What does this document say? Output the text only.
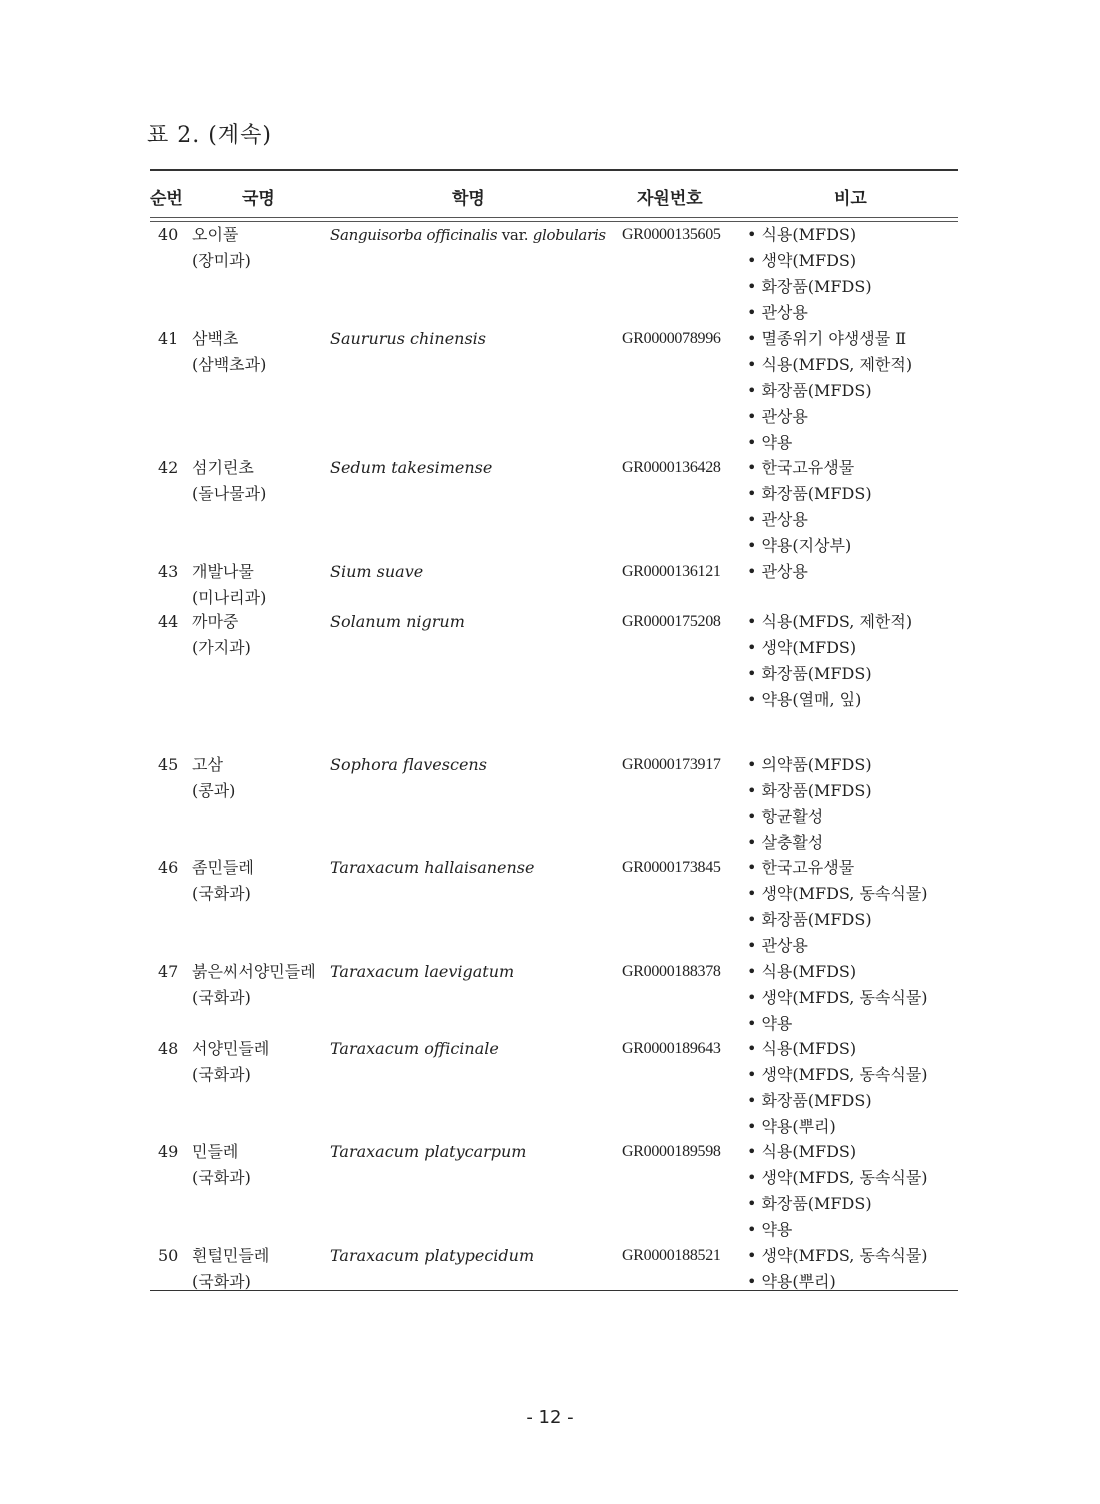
표 2. (계속)
순번	국명	학명	자원번호	비고
40 오이풀
(장미과)
Sanguisorba officinalis var. globularis	GR0000135605	• 식용(MFDS)
• 생약(MFDS)
• 화장품(MFDS)
• 관상용
41 삼백초
(삼백초과)
Saururus chinensis	GR0000078996	• 멸종위기 야생생물 Ⅱ
• 식용(MFDS, 제한적)
• 화장품(MFDS)
• 관상용
• 약용
42 섬기린초
(돌나물과)
Sedum takesimense	GR0000136428	• 한국고유생물
• 화장품(MFDS)
• 관상용
• 약용(지상부)
43 개발나물
(미나리과)
Sium suave	GR0000136121	• 관상용
44 까마중
(가지과)
Solanum nigrum	GR0000175208	• 식용(MFDS, 제한적)
• 생약(MFDS)
• 화장품(MFDS)
• 약용(열매, 잎)
45 고삼
(콩과)
Sophora flavescens	GR0000173917	• 의약품(MFDS)
• 화장품(MFDS)
• 항균활성
• 살충활성
46 좀민들레
(국화과)
Taraxacum hallaisanense	GR0000173845	• 한국고유생물
• 생약(MFDS, 동속식물)
• 화장품(MFDS)
• 관상용
47 붉은씨서양민들레
(국화과)
Taraxacum laevigatum	GR0000188378	• 식용(MFDS)
• 생약(MFDS, 동속식물)
• 약용
48 서양민들레
(국화과)
Taraxacum officinale	GR0000189643	• 식용(MFDS)
• 생약(MFDS, 동속식물)
• 화장품(MFDS)
• 약용(뿌리)
49 민들레
(국화과)
Taraxacum platycarpum	GR0000189598	• 식용(MFDS)
• 생약(MFDS, 동속식물)
• 화장품(MFDS)
• 약용
50 흰털민들레
(국화과)
Taraxacum platypecidum	GR0000188521	• 생약(MFDS, 동속식물)
• 약용(뿌리)
- 12 -
